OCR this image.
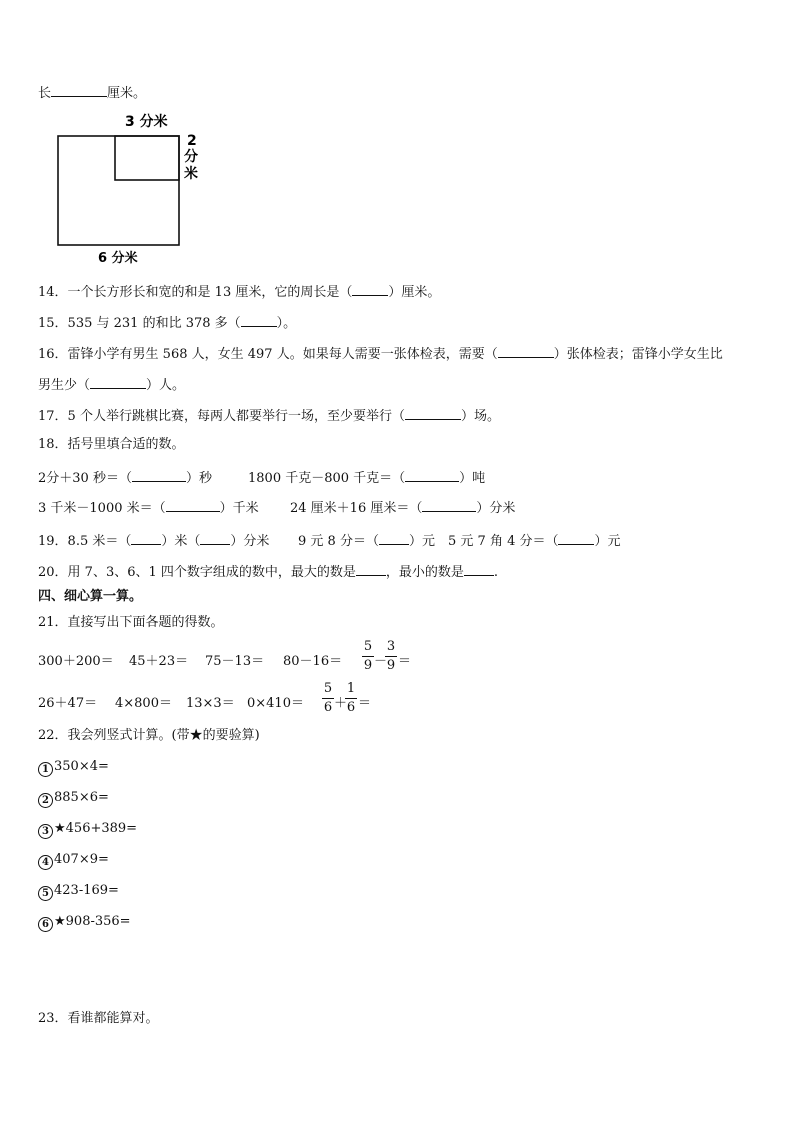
长	厘米。
3 分米
2
分
米
6 分米
14．一个长方形长和宽的和是 13 厘米，它的周长是（	）厘米。
15．535 与 231 的和比 378 多（	）。
16．雷锋小学有男生 568 人，女生 497 人。如果每人需要一张体检表，需要（	）张体检表；雷锋小学女生比
男生少（	）人。
17．5 个人举行跳棋比赛，每两人都要举行一场，至少要举行（	）场。
18．括号里填合适的数。
2分＋30 秒＝（	）秒	1800 千克－800 千克＝（	）吨
3 千米－1000 米＝（	）千米 24 厘米＋16 厘米＝（	）分米
19．8.5 米＝（ ）米（ ）分米 9 元 8 分＝（ ）元 5 元 7 角 4 分＝（	）元
20．用 7、3、6、1 四个数字组成的数中，最大的数是 ，最小的数是 .
四、细心算一算。
21．直接写出下面各题的得数。
300＋200＝ 45＋23＝ 75－13＝ 80－16＝
5
9 －
3
9 ＝
26＋47＝ 4×800＝ 13×3＝ 0×410＝
5
6 ＋
1
6 ＝
22．我会列竖式计算。(带★的要验算)
1 350×4=
2 885×6=
3 ★456+389=
4 407×9=
5 423-169=
6 ★908-356=
23．看谁都能算对。
